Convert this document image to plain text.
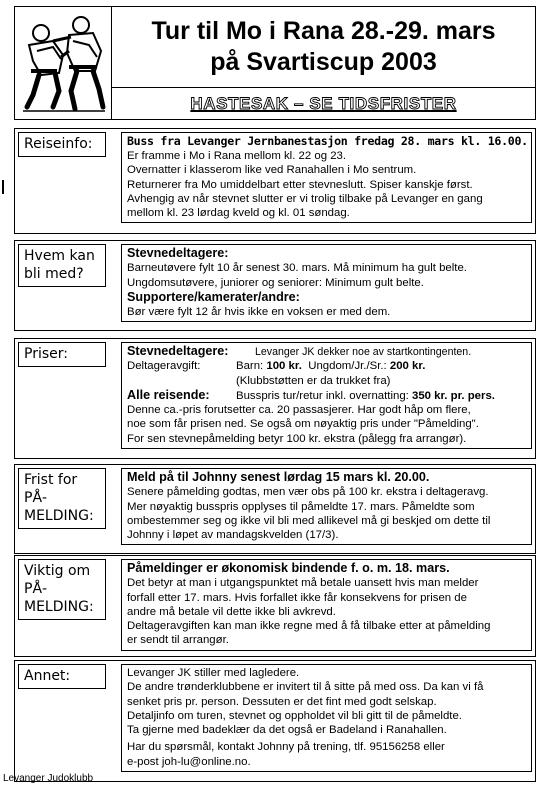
Tur til Mo i Rana 28.-29. mars
på Svartiscup 2003
HASTESAK – SE TIDSFRISTER
Reiseinfo:	Buss fra Levanger Jernbanestasjon fredag 28. mars kl. 16.00.
Er framme i Mo i Rana mellom kl. 22 og 23.
Overnatter i klasserom like ved Ranahallen i Mo sentrum.
Returnerer fra Mo umiddelbart etter stevneslutt. Spiser kanskje først.
Avhengig av når stevnet slutter er vi trolig tilbake på Levanger en gang
mellom kl. 23 lørdag kveld og kl. 01 søndag.
Hvem kan
bli med?
Stevnedeltagere:
Barneutøvere fylt 10 år senest 30. mars. Må minimum ha gult belte.
Ungdomsutøvere, juniorer og seniorer: Minimum gult belte.
Supportere/kamerater/andre:
Bør være fylt 12 år hvis ikke en voksen er med dem.
Priser:	Stevnedeltagere:	Levanger JK dekker noe av startkontingenten.
Deltageravgift:	Barn: 100 kr. Ungdom/Jr./Sr.: 200 kr.
(Klubbstøtten er da trukket fra)
Alle reisende: Busspris tur/retur inkl. overnatting: 350 kr. pr. pers.
Denne ca.-pris forutsetter ca. 20 passasjerer. Har godt håp om flere,
noe som får prisen ned. Se også om nøyaktig pris under "Påmelding".
For sen stevnepåmelding betyr 100 kr. ekstra (pålegg fra arrangør).
Frist for
PÅ-
MELDING:
Meld på til Johnny senest lørdag 15 mars kl. 20.00.
Senere påmelding godtas, men vær obs på 100 kr. ekstra i deltageravg.
Mer nøyaktig busspris opplyses til påmeldte 17. mars. Påmeldte som
ombestemmer seg og ikke vil bli med allikevel må gi beskjed om dette til
Johnny i løpet av mandagskvelden (17/3).
Viktig om
PÅ-
MELDING:
Påmeldinger er økonomisk bindende f. o. m. 18. mars.
Det betyr at man i utgangspunktet må betale uansett hvis man melder
forfall etter 17. mars. Hvis forfallet ikke får konsekvens for prisen de
andre må betale vil dette ikke bli avkrevd.
Deltageravgiften kan man ikke regne med å få tilbake etter at påmelding
er sendt til arrangør.
Annet:	Levanger JK stiller med lagledere.
De andre trønderklubbene er invitert til å sitte på med oss. Da kan vi få
senket pris pr. person. Dessuten er det fint med godt selskap.
Detaljinfo om turen, stevnet og oppholdet vil bli gitt til de påmeldte.
Ta gjerne med badeklær da det også er Badeland i Ranahallen.
Har du spørsmål, kontakt Johnny på trening, tlf. 95156258 eller
e-post joh-lu@online.no.
Levanger Judoklubb
